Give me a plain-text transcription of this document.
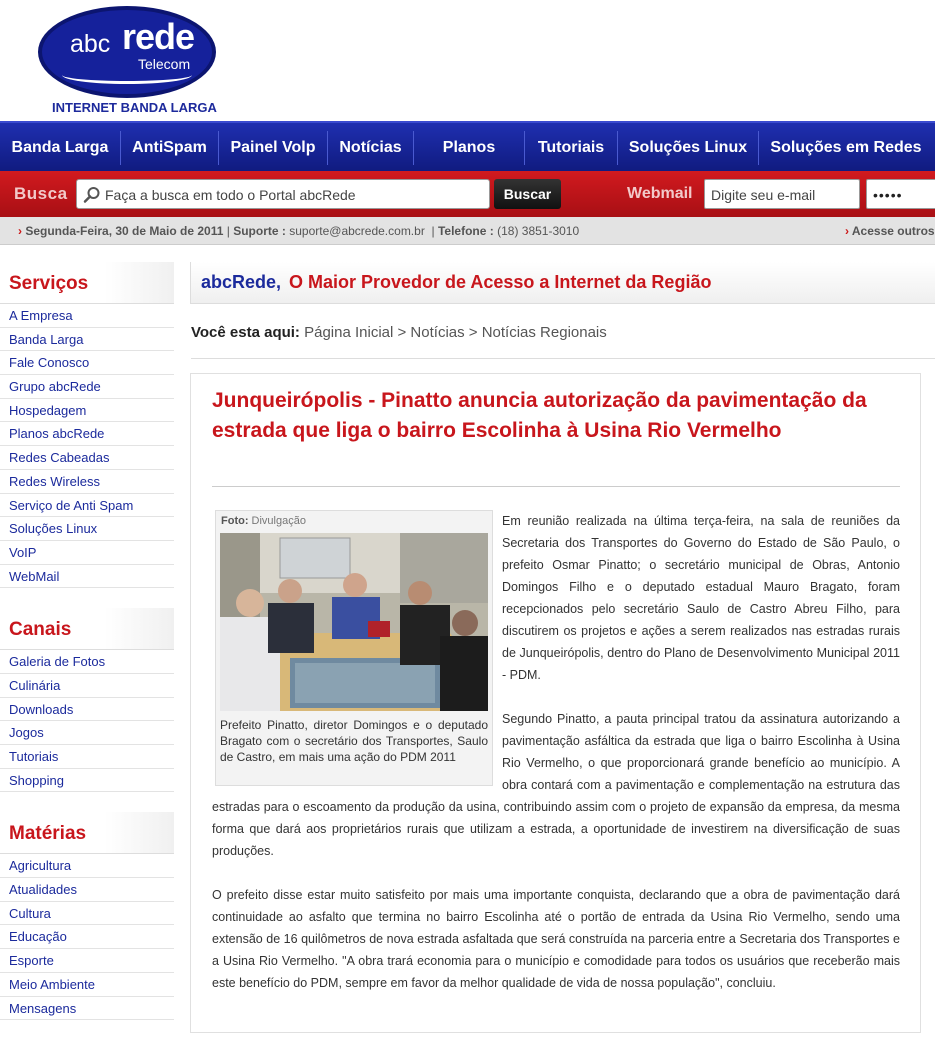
abc rede
Telecom
INTERNET BANDA LARGA
Banda Larga	AntiSpam	Painel Volp	Notícias	Planos	Tutoriais	Soluções Linux	Soluções em Redes
Busca	Faça a busca em todo o Portal abcRede	Buscar	Webmail	Digite seu e-mail	•••••
› Segunda-Feira, 30 de Maio de 2011 | Suporte : suporte@abcrede.com.br  | Telefone : (18) 3851-3010	› Acesse outros
Serviços
A Empresa
Banda Larga
Fale Conosco
Grupo abcRede
Hospedagem
Planos abcRede
Redes Cabeadas
Redes Wireless
Serviço de Anti Spam
Soluções Linux
VoIP
WebMail
Canais
Galeria de Fotos
Culinária
Downloads
Jogos
Tutoriais
Shopping
Matérias
Agricultura
Atualidades
Cultura
Educação
Esporte
Meio Ambiente
Mensagens
abcRede, O Maior Provedor de Acesso a Internet da Região
Você esta aqui: Página Inicial > Notícias > Notícias Regionais
Junqueirópolis - Pinatto anuncia autorização da pavimentação da estrada que liga o bairro Escolinha à Usina Rio Vermelho

Em reunião realizada na última terça-feira, na sala de reuniões da Secretaria dos Transportes do Governo do Estado de São Paulo, o prefeito Osmar Pinatto; o secretário municipal de Obras, Antonio Domingos Filho e o deputado estadual Mauro Bragato, foram recepcionados pelo secretário Saulo de Castro Abreu Filho, para discutirem os projetos e ações a serem realizados nas estradas rurais de Junqueirópolis, dentro do Plano de Desenvolvimento Municipal 2011 - PDM.

Segundo Pinatto, a pauta principal tratou da assinatura autorizando a pavimentação asfáltica da estrada que liga o bairro Escolinha à Usina Rio Vermelho, o que proporcionará grande benefício ao município. A obra contará com a pavimentação e complementação na estrutura das estradas para o escoamento da produção da usina, contribuindo assim com o projeto de expansão da empresa, da mesma forma que dará aos proprietários rurais que utilizam a estrada, a oportunidade de investirem na diversificação de suas produções.

O prefeito disse estar muito satisfeito por mais uma importante conquista, declarando que a obra de pavimentação dará continuidade ao asfalto que termina no bairro Escolinha até o portão de entrada da Usina Rio Vermelho, sendo uma extensão de 16 quilômetros de nova estrada asfaltada que será construída na parceria entre a Secretaria dos Transportes e a Usina Rio Vermelho. "A obra trará economia para o município e comodidade para todos os usuários que receberão mais este benefício do PDM, sempre em favor da melhor qualidade de vida de nossa população", concluiu.

Foto: Divulgação
Prefeito Pinatto, diretor Domingos e o deputado Bragato com o secretário dos Transportes, Saulo de Castro, em mais uma ação do PDM 2011
